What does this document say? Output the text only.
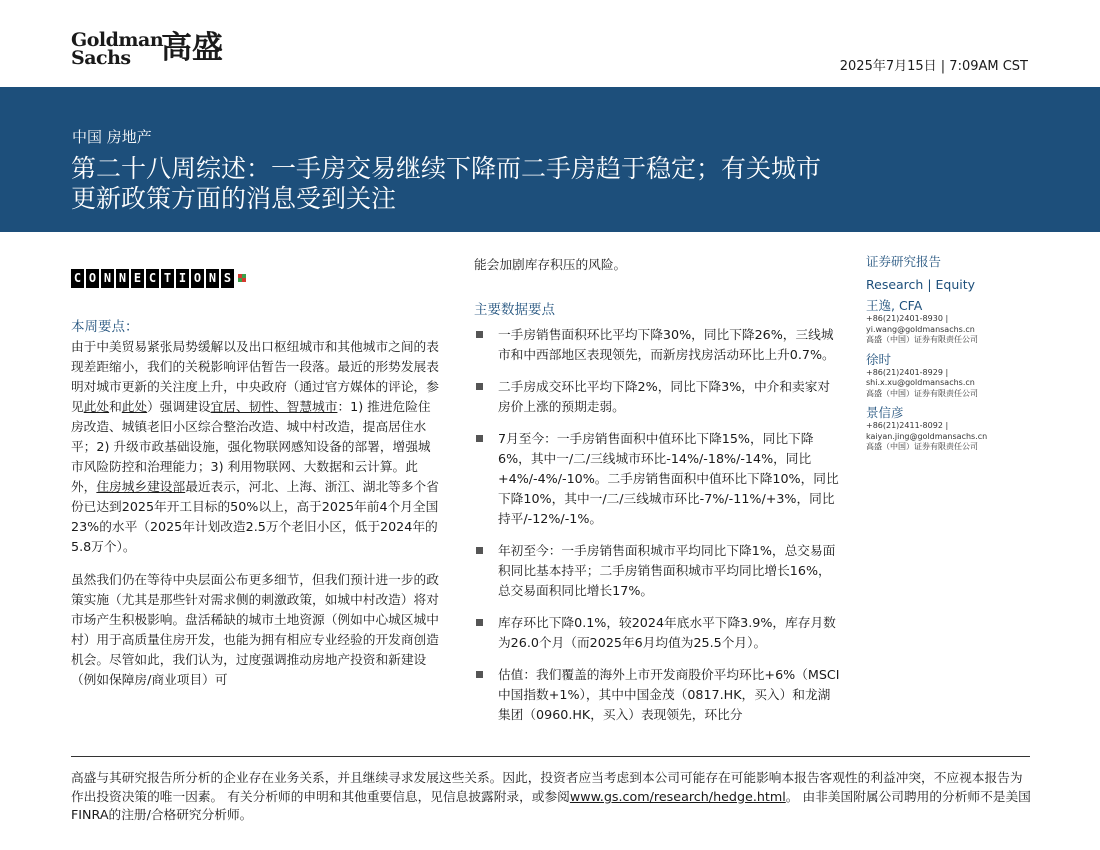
Goldman
Sachs 高盛
2025年7月15日 | 7:09AM CST
中国 房地产
第二十八周综述：一手房交易继续下降而二手房趋于稳定；有关城市
更新政策方面的消息受到关注
C O N N E C T I O N S
本周要点：

由于中美贸易紧张局势缓解以及出口枢纽城市和其他城市之间的表现差距缩小，我们的关税影响评估暂告一段落。最近的形势发展表明对城市更新的关注度上升，中央政府（通过官方媒体的评论，参见此处和此处）强调建设宜居、韧性、智慧城市：1) 推进危险住房改造、城镇老旧小区综合整治改造、城中村改造，提高居住水平；2) 升级市政基础设施，强化物联网感知设备的部署，增强城市风险防控和治理能力；3) 利用物联网、大数据和云计算。此外，住房城乡建设部最近表示，河北、上海、浙江、湖北等多个省份已达到2025年开工目标的50%以上，高于2025年前4个月全国23%的水平（2025年计划改造2.5万个老旧小区，低于2024年的5.8万个）。

虽然我们仍在等待中央层面公布更多细节，但我们预计进一步的政策实施（尤其是那些针对需求侧的刺激政策，如城中村改造）将对市场产生积极影响。盘活稀缺的城市土地资源（例如中心城区城中村）用于高质量住房开发，也能为拥有相应专业经验的开发商创造机会。尽管如此，我们认为，过度强调推动房地产投资和新建设（例如保障房/商业项目）可

能会加剧库存积压的风险。
主要数据要点
一手房销售面积环比平均下降30%，同比下降26%，三线城市和中西部地区表现领先，而新房找房活动环比上升0.7%。
二手房成交环比平均下降2%，同比下降3%，中介和卖家对房价上涨的预期走弱。
7月至今：一手房销售面积中值环比下降15%，同比下降6%，其中一/二/三线城市环比-14%/-18%/-14%，同比+4%/-4%/-10%。二手房销售面积中值环比下降10%，同比下降10%，其中一/二/三线城市环比-7%/-11%/+3%，同比持平/-12%/-1%。
年初至今：一手房销售面积城市平均同比下降1%，总交易面积同比基本持平；二手房销售面积城市平均同比增长16%，总交易面积同比增长17%。
库存环比下降0.1%，较2024年底水平下降3.9%，库存月数为26.0个月（而2025年6月均值为25.5个月）。
估值：我们覆盖的海外上市开发商股价平均环比+6%（MSCI中国指数+1%），其中中国金茂（0817.HK，买入）和龙湖集团（0960.HK，买入）表现领先，环比分
证券研究报告
Research | Equity
王逸, CFA
+86(21)2401-8930 |
yi.wang@goldmansachs.cn
高盛（中国）证券有限责任公司
徐时
+86(21)2401-8929 |
shi.x.xu@goldmansachs.cn
高盛（中国）证券有限责任公司
景信彦
+86(21)2411-8092 |
kaiyan.jing@goldmansachs.cn
高盛（中国）证券有限责任公司
高盛与其研究报告所分析的企业存在业务关系，并且继续寻求发展这些关系。因此，投资者应当考虑到本公司可能存在可能影响本报告客观性的利益冲突，不应视本报告为作出投资决策的唯一因素。 有关分析师的申明和其他重要信息，见信息披露附录，或参阅www.gs.com/research/hedge.html。 由非美国附属公司聘用的分析师不是美国FINRA的注册/合格研究分析师。
